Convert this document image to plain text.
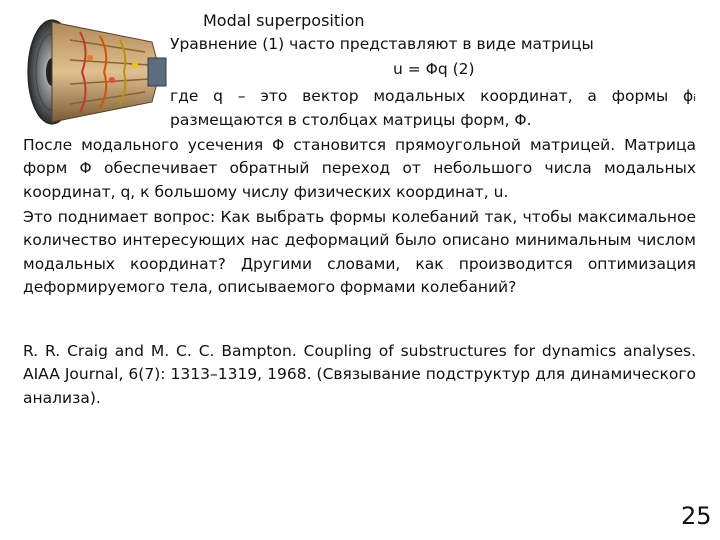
Modal superposition
Уравнение (1) часто представляют в виде матрицы
u = Φq (2)
где q – это вектор модальных координат, а формы ϕᵢ
размещаются в столбцах матрицы форм, Φ.
После модального усечения Φ становится прямоугольной матрицей. Матрица форм Φ обеспечивает обратный переход от небольшого числа модальных координат, q, к большому числу физических координат, u.
Это поднимает вопрос: Как выбрать формы колебаний так, чтобы максимальное количество интересующих нас деформаций было описано минимальным числом модальных координат? Другими словами, как производится оптимизация деформируемого тела, описываемого формами колебаний?
R. R. Craig and M. C. C. Bampton. Coupling of substructures for dynamics analyses. AIAA Journal, 6(7): 1313–1319, 1968. (Связывание подструктур для динамического анализа).
25
